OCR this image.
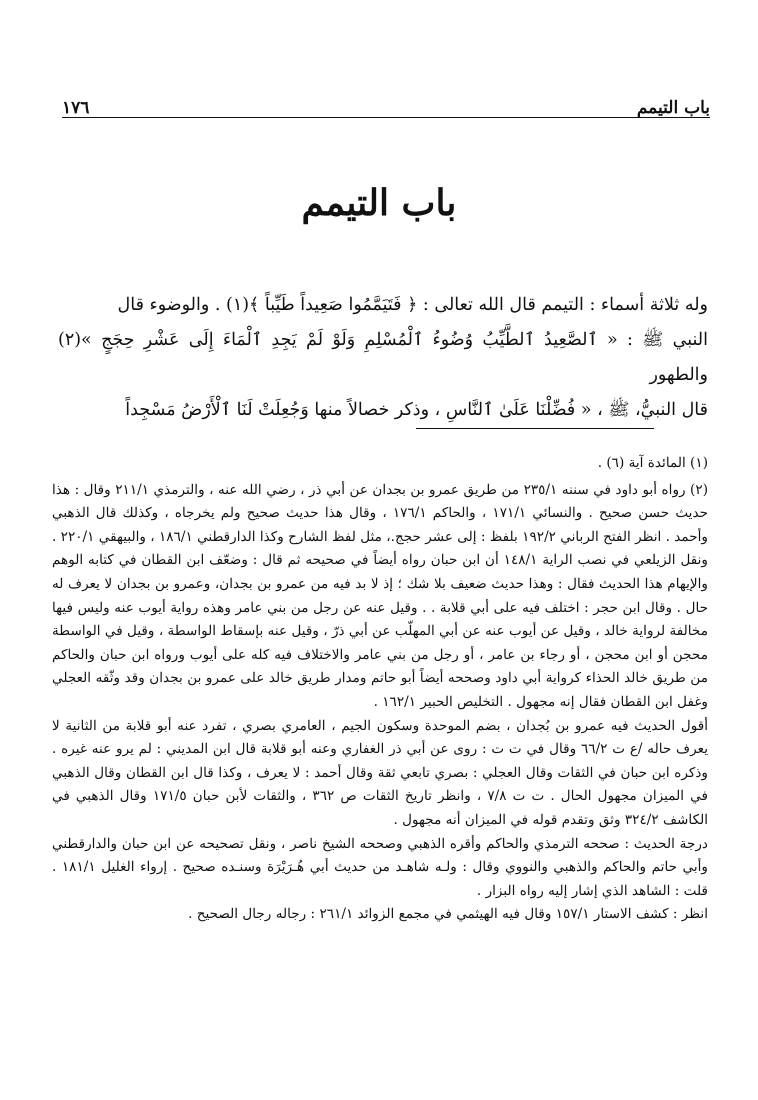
باب التيمم
١٧٦
باب التيمم
وله ثلاثة أسماء : التيمم قال الله تعالى : ﴿ فَتَيَمَّمُوا صَعِيداً طَيِّباً ﴾(١) . والوضوء قال
النبي ﷺ : « ٱلصَّعِيدُ ٱلطَّيِّبُ وُضُوءُ ٱلْمُسْلِمِ وَلَوْ لَمْ يَجِدِ ٱلْمَاءَ إِلَى عَشْرِ حِجَجٍ »(٢) والطهور
قال النبيُّ، ﷺ ، « فُضِّلْنَا عَلَىٰ ٱلنَّاسِ ، وذكر خصالاً منها وَجُعِلَتْ لَنَا ٱلْأَرْضُ مَسْجِداً
(١) المائدة آية (٦) .

(٢) رواه أبو داود في سننه ٢٣٥/١ من طريق عمرو بن بجدان عن أبي ذر ، رضي الله عنه ، والترمذي ٢١١/١ وقال : هذا حديث حسن صحيح . والنسائي ١٧١/١ ، والحاكم ١٧٦/١ ، وقال هذا حديث صحيح ولم يخرجاه ، وكذلك قال الذهبي وأحمد . انظر الفتح الرباني ١٩٢/٢ بلفظ : إلى عشر حجج.، مثل لفظ الشارح وكذا الدارقطني ١٨٦/١ ، والبيهقي ٢٢٠/١ . ونقل الزيلعي في نصب الراية ١٤٨/١ أن ابن حبان رواه أيضاً في صحيحه ثم قال : وضعّف ابن القطان في كتابه الوهم والإيهام هذا الحديث فقال : وهذا حديث ضعيف بلا شك ؛ إذ لا بد فيه من عمرو بن بجدان، وعمرو بن بجدان لا يعرف له حال . وقال ابن حجر : اختلف فيه على أبي قلابة . . وقيل عنه عن رجل من بني عامر وهذه رواية أيوب عنه وليس فيها مخالفة لرواية خالد ، وقيل عن أيوب عنه عن أبي المهلّب عن أبي ذرّ ، وقيل عنه بإسقاط الواسطة ، وقيل في الواسطة محجن أو ابن محجن ، أو رجاء بن عامر ، أو رجل من بني عامر والاختلاف فيه كله على أيوب ورواه ابن حبان والحاكم من طريق خالد الحذاء كرواية أبي داود وصححه أيضاً أبو حاتم ومدار طريق خالد على عمرو بن بجدان وقد وثّقه العجلي وغفل ابن القطان فقال إنه مجهول . التخليص الحبير ١٦٢/١ .

أقول الحديث فيه عمرو بن بُجدان ، بضم الموحدة وسكون الجيم ، العامري بصري ، تفرد عنه أبو قلابة من الثانية لا يعرف حاله /ع ت ٦٦/٢ وقال في ت ت : روى عن أبي ذر الغفاري وعنه أبو قلابة قال ابن المديني : لم يرو عنه غيره . وذكره ابن حبان في الثقات وقال العجلي : بصري تابعي ثقة وقال أحمد : لا يعرف ، وكذا قال ابن القطان وقال الذهبي في الميزان مجهول الحال . ت ت ٧/٨ ، وانظر تاريخ الثقات ص ٣٦٢ ، والثقات لأبن حبان ١٧١/٥ وقال الذهبي في الكاشف ٣٢٤/٢ وثق وتقدم قوله في الميزان أنه مجهول .

درجة الحديث : صححه الترمذي والحاكم وأقره الذهبي وصححه الشيخ ناصر ، ونقل تصحيحه عن ابن حبان والدارقطني وأبي حاتم والحاكم والذهبي والنووي وقال : ولـه شاهـد من حديث أبي هُـرَيْرَة وسنـده صحيح . إرواء الغليل ١٨١/١ . قلت : الشاهد الذي إشار إليه رواه البزار .

انظر : كشف الاستار ١٥٧/١ وقال فيه الهيثمي في مجمع الزوائد ٢٦١/١ : رجاله رجال الصحيح .
